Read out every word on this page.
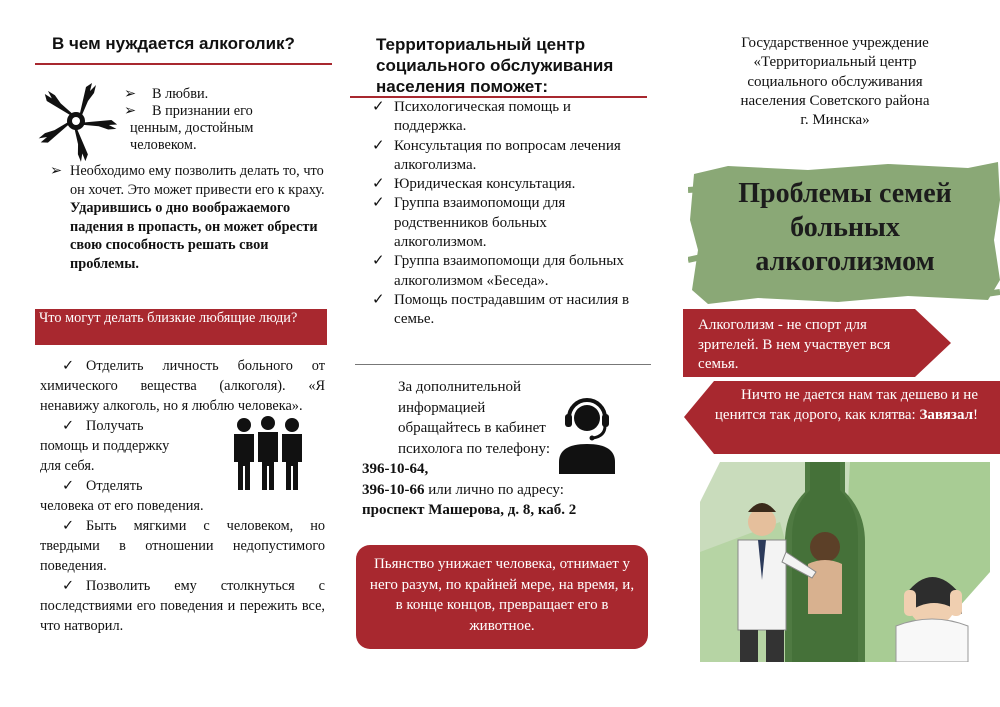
В чем нуждается алкоголик?
➢ В любви.
➢ В признании его
ценным, достойным
человеком.
➢ Необходимо ему позволить делать то, что он хочет. Это может привести его к краху. Ударившись о дно воображаемого падения в пропасть, он может обрести свою способность решать свои проблемы.
Что могут делать близкие любящие люди?

✓ Отделить личность больного от химического вещества (алкоголя). «Я ненавижу алкоголь, но я люблю человека».

✓ Получать

помощь и поддержку

для себя.

✓ Отделять

человека от его поведения.

✓ Быть мягкими с человеком, но твердыми в отношении недопустимого поведения.

✓ Позволить ему столкнуться с последствиями его поведения и пережить все, что натворил.

Территориальный центр социального обслуживания населения поможет:
✓ Психологическая помощь и поддержка.
✓ Консультация по вопросам лечения алкоголизма.
✓ Юридическая консультация.
✓ Группа взаимопомощи для родственников больных алкоголизмом.
✓ Группа взаимопомощи для больных алкоголизмом «Беседа».
✓ Помощь пострадавшим от насилия в семье.
За дополнительной информацией обращайтесь в кабинет психолога по телефону:
396-10-64,
396-10-66 или лично по адресу:
проспект Машерова, д. 8, каб. 2
Пьянство унижает человека, отнимает у него разум, по крайней мере, на время, и, в конце концов, превращает его в животное.
Государственное учреждение
«Территориальный центр
социального обслуживания
населения Советского района
г. Минска»
Проблемы семей
больных
алкоголизмом
Алкоголизм - не спорт для зрителей. В нем участвует вся семья.
Ничто не дается нам так дешево и не ценится так дорого, как клятва: Завязал!
